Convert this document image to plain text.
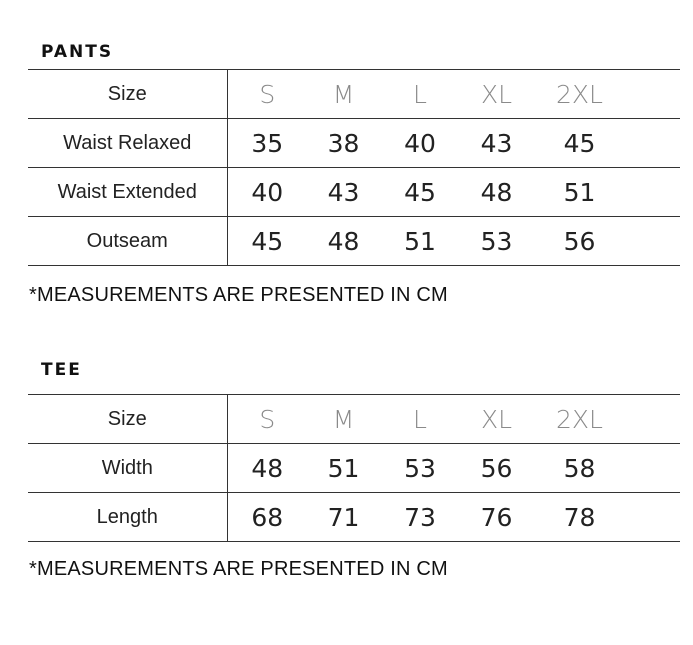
PANTS
Size	S	M	L	XL	2XL	
Waist Relaxed	35	38	40	43	45	
Waist Extended	40	43	45	48	51	
Outseam	45	48	51	53	56	

*MEASUREMENTS ARE PRESENTED IN CM

TEE
Size	S	M	L	XL	2XL	
Width	48	51	53	56	58	
Length	68	71	73	76	78	

*MEASUREMENTS ARE PRESENTED IN CM
